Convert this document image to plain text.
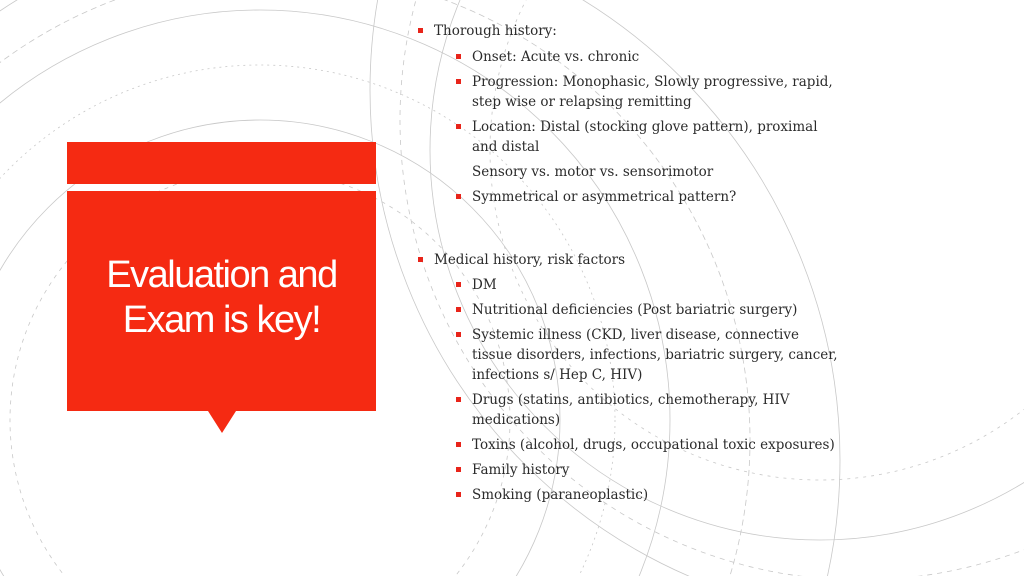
Evaluation and
Exam is key!
Thorough history:
Onset: Acute vs. chronic
Progression: Monophasic, Slowly progressive, rapid,
step wise or relapsing remitting
Location: Distal (stocking glove pattern), proximal
and distal
Sensory vs. motor vs. sensorimotor
Symmetrical or asymmetrical pattern?
Medical history, risk factors
DM
Nutritional deficiencies (Post bariatric surgery)
Systemic illness (CKD, liver disease, connective
tissue disorders, infections, bariatric surgery, cancer,
infections s/ Hep C, HIV)
Drugs (statins, antibiotics, chemotherapy, HIV
medications)
Toxins (alcohol, drugs, occupational toxic exposures)
Family history
Smoking (paraneoplastic)
